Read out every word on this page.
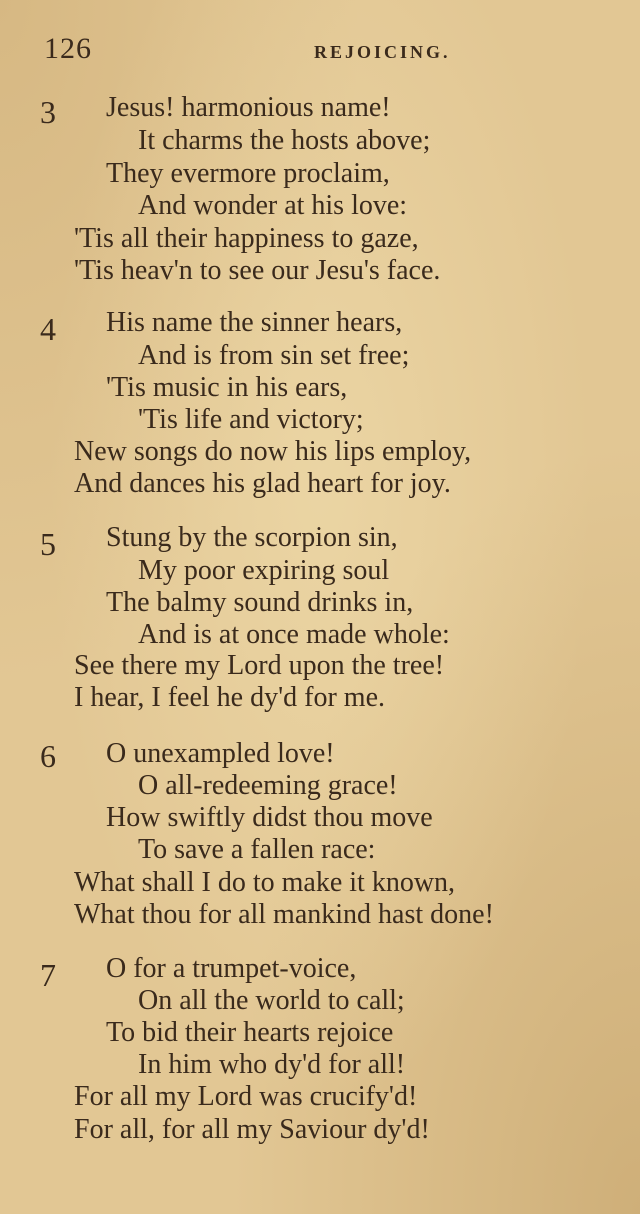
126	REJOICING.
3 Jesus! harmonious name!
It charms the hosts above;
They evermore proclaim,
And wonder at his love:
'Tis all their happiness to gaze,
'Tis heav'n to see our Jesu's face.
4 His name the sinner hears,
And is from sin set free;
'Tis music in his ears,
'Tis life and victory;
New songs do now his lips employ,
And dances his glad heart for joy.
5 Stung by the scorpion sin,
My poor expiring soul
The balmy sound drinks in,
And is at once made whole:
See there my Lord upon the tree!
I hear, I feel he dy'd for me.
6 O unexampled love!
O all-redeeming grace!
How swiftly didst thou move
To save a fallen race:
What shall I do to make it known,
What thou for all mankind hast done!
7 O for a trumpet-voice,
On all the world to call;
To bid their hearts rejoice
In him who dy'd for all!
For all my Lord was crucify'd!
For all, for all my Saviour dy'd!
